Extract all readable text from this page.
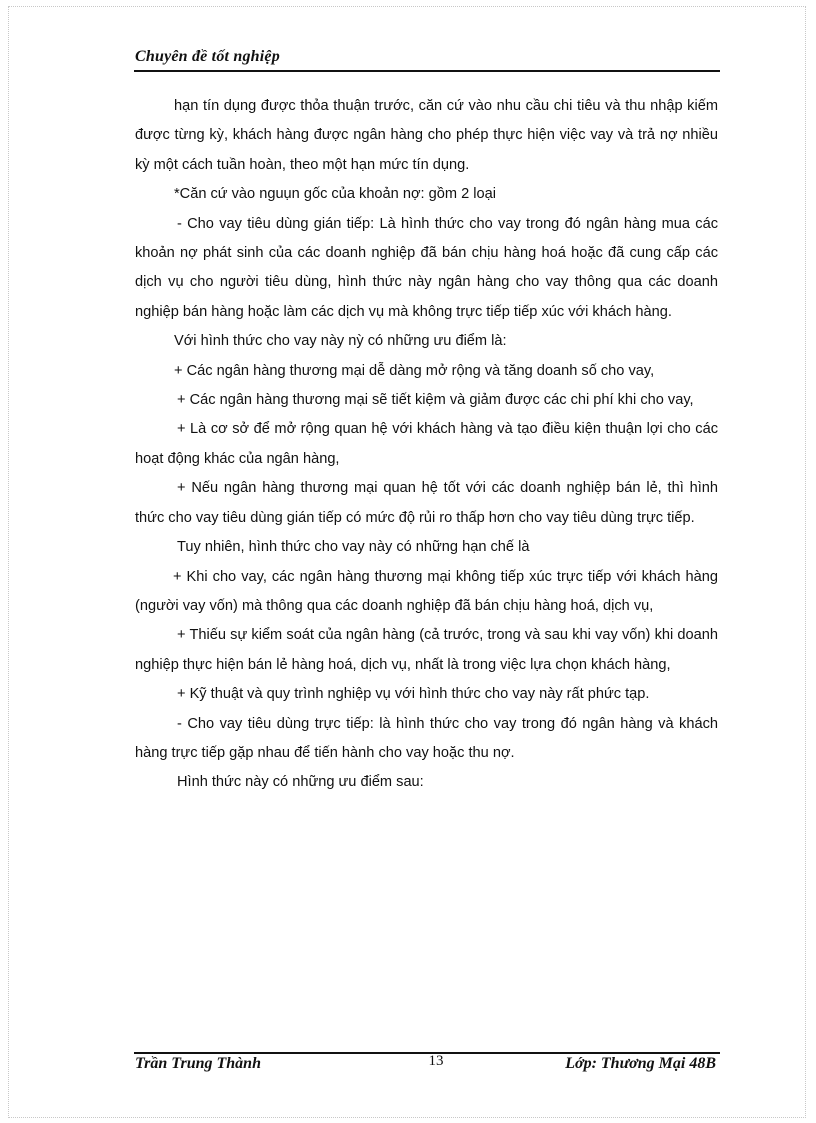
Chuyên đề tốt nghiệp

hạn tín dụng được thỏa thuận trước, căn cứ vào nhu cầu chi tiêu và thu nhập kiếm được từng kỳ, khách hàng được ngân hàng cho phép thực hiện việc vay và trả nợ nhiều kỳ một cách tuần hoàn, theo một hạn mức tín dụng.

*Căn cứ vào nguụn gốc của khoản nợ: gồm 2 loại

- Cho vay tiêu dùng gián tiếp: Là hình thức cho vay trong đó ngân hàng mua các khoản nợ phát sinh của các doanh nghiệp đã bán chịu hàng hoá hoặc đã cung cấp các dịch vụ cho người tiêu dùng, hình thức này ngân hàng cho vay thông qua các doanh nghiệp bán hàng hoặc làm các dịch vụ mà không trực tiếp tiếp xúc với khách hàng.

Với hình thức cho vay này nỳ có những ưu điểm là:

+ Các ngân hàng thương mại dễ dàng mở rộng và tăng doanh số cho vay,

+ Các ngân hàng thương mại sẽ tiết kiệm và giảm được các chi phí khi cho vay,

+ Là cơ sở để mở rộng quan hệ với khách hàng và tạo điều kiện thuận lợi cho các hoạt động khác của ngân hàng,

+ Nếu ngân hàng thương mại quan hệ tốt với các doanh nghiệp bán lẻ, thì hình thức cho vay tiêu dùng gián tiếp có mức độ rủi ro thấp hơn cho vay tiêu dùng trực tiếp.

Tuy nhiên, hình thức cho vay này có những hạn chế là

+ Khi cho vay, các ngân hàng thương mại không tiếp xúc trực tiếp với khách hàng (người vay vốn) mà thông qua các doanh nghiệp đã bán chịu hàng hoá, dịch vụ,

+ Thiếu sự kiểm soát của ngân hàng (cả trước, trong và sau khi vay vốn) khi doanh nghiệp thực hiện bán lẻ hàng hoá, dịch vụ, nhất là trong việc lựa chọn khách hàng,

+ Kỹ thuật và quy trình nghiệp vụ với hình thức cho vay này rất phức tạp.

- Cho vay tiêu dùng trực tiếp: là hình thức cho vay trong đó ngân hàng và khách hàng trực tiếp gặp nhau để tiến hành cho vay hoặc thu nợ.

Hình thức này có những ưu điểm sau:

Trần Trung Thành	13	Lớp: Thương Mại 48B
